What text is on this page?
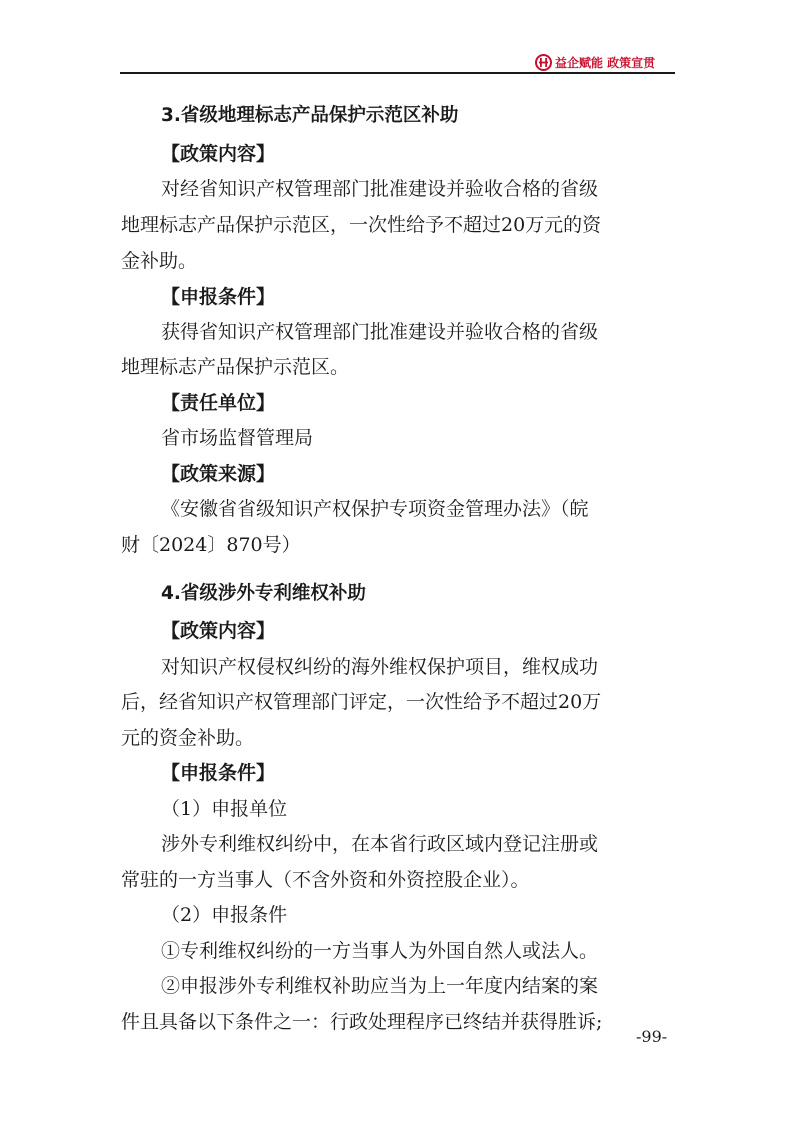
益企赋能 政策宣贯
3.省级地理标志产品保护示范区补助
【政策内容】
对经省知识产权管理部门批准建设并验收合格的省级
地理标志产品保护示范区，一次性给予不超过20万元的资
金补助。
【申报条件】
获得省知识产权管理部门批准建设并验收合格的省级
地理标志产品保护示范区。
【责任单位】
省市场监督管理局
【政策来源】
《安徽省省级知识产权保护专项资金管理办法》（皖
财〔2024〕870号）
4.省级涉外专利维权补助
【政策内容】
对知识产权侵权纠纷的海外维权保护项目，维权成功
后，经省知识产权管理部门评定，一次性给予不超过20万
元的资金补助。
【申报条件】
（1）申报单位
涉外专利维权纠纷中，在本省行政区域内登记注册或
常驻的一方当事人（不含外资和外资控股企业）。
（2）申报条件
①专利维权纠纷的一方当事人为外国自然人或法人。
②申报涉外专利维权补助应当为上一年度内结案的案
件且具备以下条件之一：行政处理程序已终结并获得胜诉;
-99-
